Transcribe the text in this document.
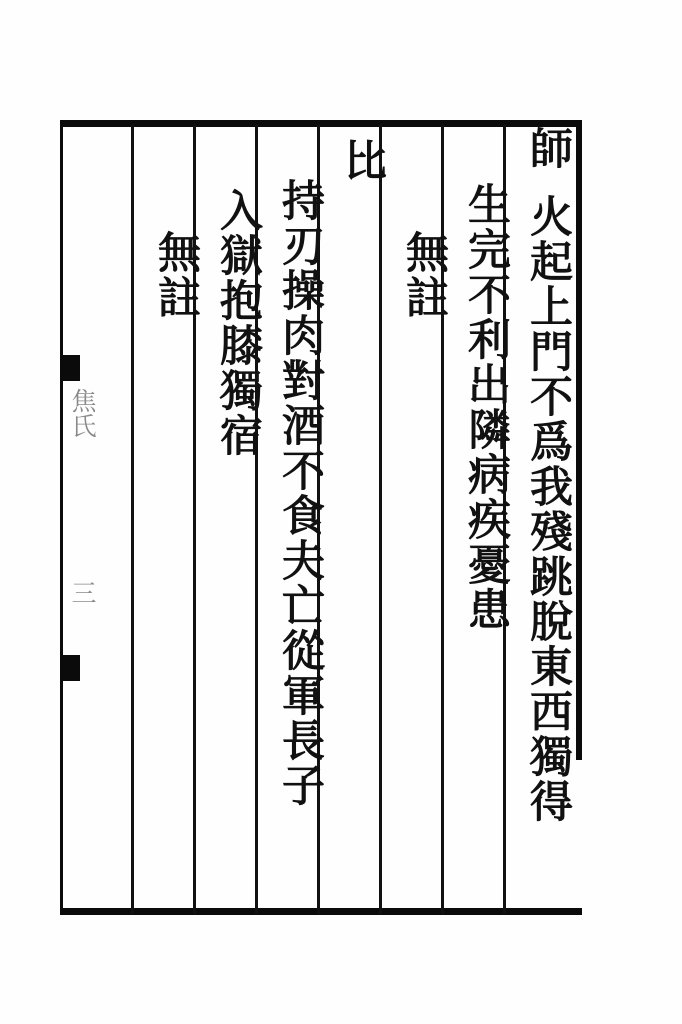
師
火起上門不爲我殘跳脫東西獨得
生完不利出隣病疾憂患
無註
比
持刃操肉對酒不食夫亡從軍長子
入獄抱膝獨宿
無註
焦氏
三
